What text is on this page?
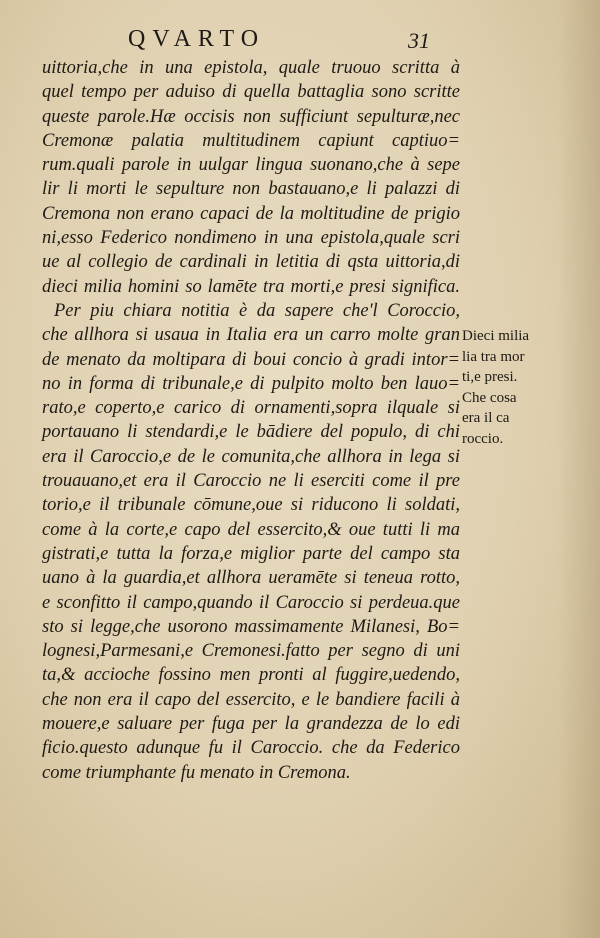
QVARTO	31
uittoria,che in una epistola, quale truouo scritta à
quel tempo per aduiso di quella battaglia sono scritte
queste parole.Hæ occisis non sufficiunt sepulturæ,nec
Cremonæ palatia multitudinem capiunt captiuo=
rum.quali parole in uulgar lingua suonano,che à sepe
lir li morti le sepulture non bastauano,e li palazzi di
Cremona non erano capaci de la moltitudine de prigio
ni,esso Federico nondimeno in una epistola,quale scri
ue al collegio de cardinali in letitia di qsta uittoria,di
dieci milia homini so lamēte tra morti,e presi significa.
Per piu chiara notitia è da sapere che'l Coroccio,
che allhora si usaua in Italia era un carro molte gran
de menato da moltipara di boui concio à gradi intor=
no in forma di tribunale,e di pulpito molto ben lauo=
rato,e coperto,e carico di ornamenti,sopra ilquale si
portauano li stendardi,e le bādiere del populo, di chi
era il Caroccio,e de le comunita,che allhora in lega si
trouauano,et era il Caroccio ne li eserciti come il pre
torio,e il tribunale cōmune,oue si riducono li soldati,
come à la corte,e capo del essercito,& oue tutti li ma
gistrati,e tutta la forza,e miglior parte del campo sta
uano à la guardia,et allhora ueramēte si teneua rotto,
e sconfitto il campo,quando il Caroccio si perdeua.que
sto si legge,che usorono massimamente Milanesi, Bo=
lognesi,Parmesani,e Cremonesi.fatto per segno di uni
ta,& accioche fossino men pronti al fuggire,uedendo,
che non era il capo del essercito, e le bandiere facili à
mouere,e saluare per fuga per la grandezza de lo edi
ficio.questo adunque fu il Caroccio. che da Federico
come triumphante fu menato in Cremona.
Dieci milia
lia tra mor
ti,e presi.
Che cosa
era il ca
roccio.
